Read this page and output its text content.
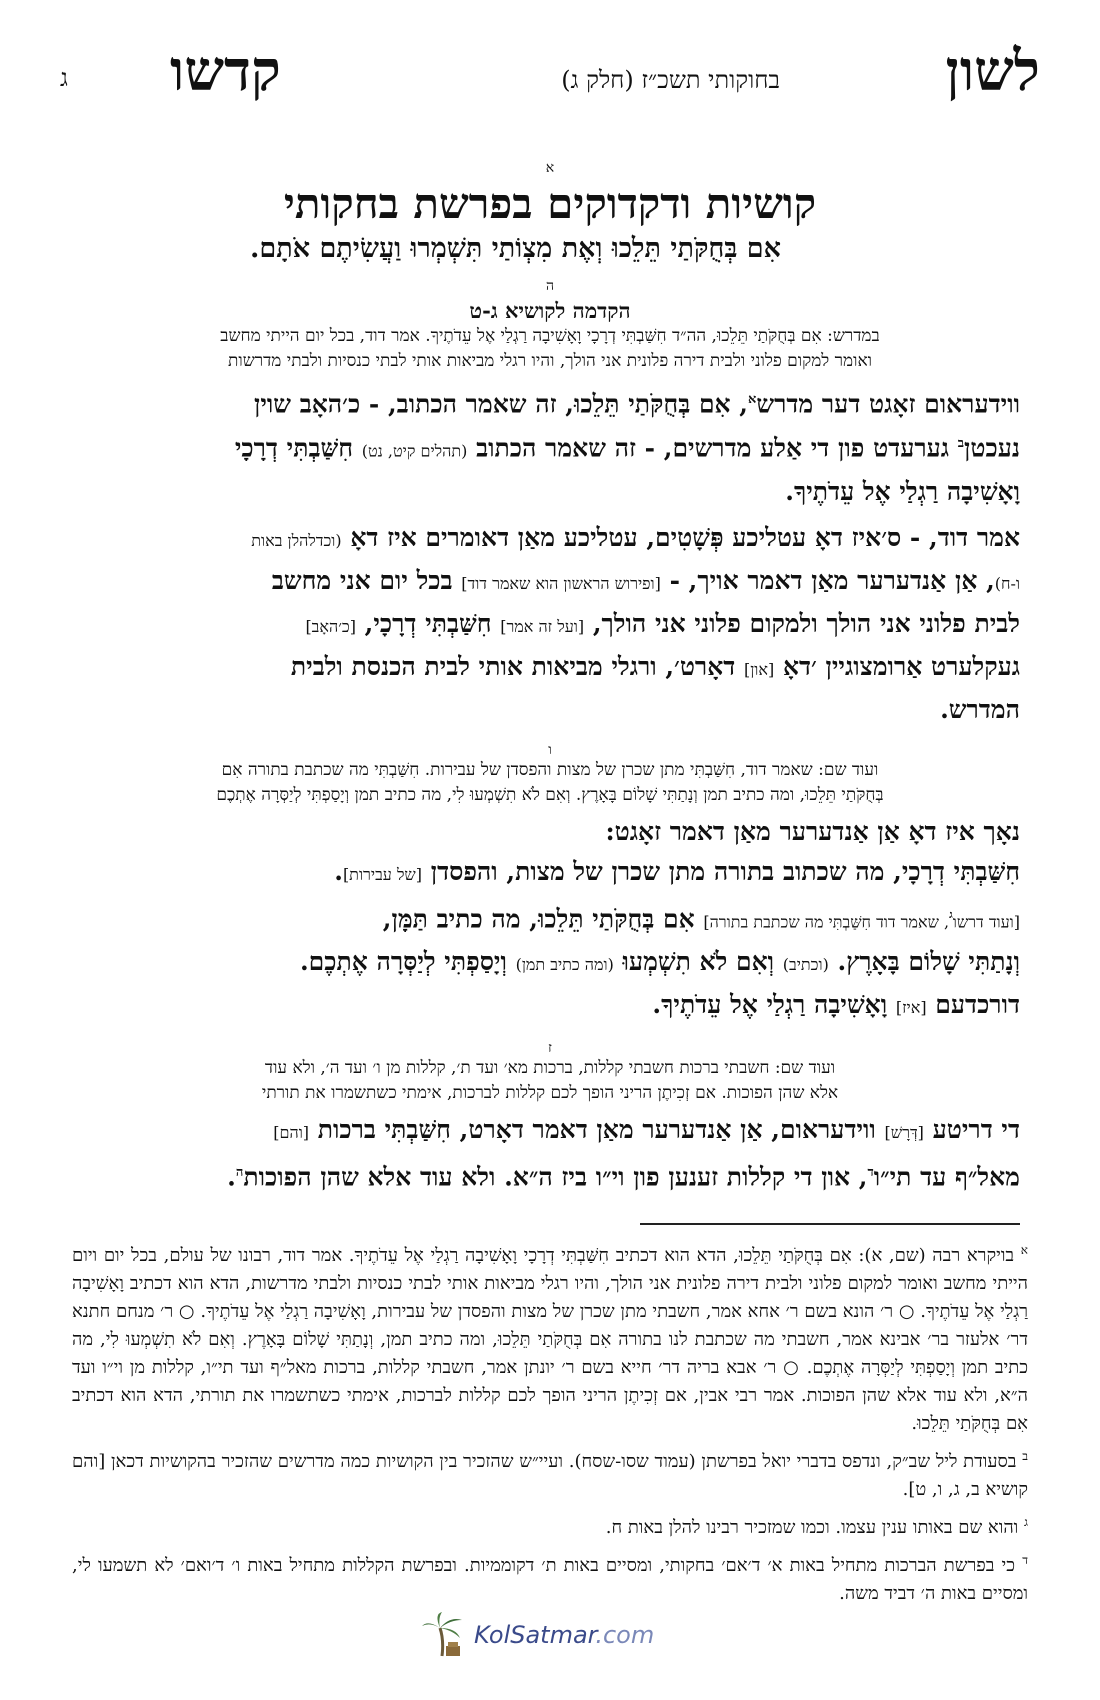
לשון
בחוקותי תשכ״ז (חלק ג)
קדשו
ג
א
קושיות ודקדוקים בפרשת בחקותי
אִם בְּחֻקֹּתַי תֵּלֵכוּ וְאֶת מִצְוֹתַי תִּשְׁמְרוּ וַעֲשִׂיתֶם אֹתָם.
ה
הקדמה לקושיא ג-ט
במדרש: אִם בְּחֻקֹּתַי תֵּלֵכוּ, הה״ד חִשַּׁבְתִּי דְרָכָי וָאָשִׁיבָה רַגְלַי אֶל עֵדֹתֶיךָ. אמר דוד, בכל יום הייתי מחשב
ואומר למקום פלוני ולבית דירה פלונית אני הולך, והיו רגלי מביאות אותי לבתי כנסיות ולבתי מדרשות

ווידעראום זאָגט דער מדרש$^א$, אִם בְּחֻקֹּתַי תֵּלֵכוּ, זה שאמר הכתוב, - כ׳האָב שוין

נעכטן$^ב$ גערעדט פון די אַלע מדרשים, - זה שאמר הכתוב (תהלים קיט, נט) חִשַּׁבְתִּי דְרָכָי

וָאָשִׁיבָה רַגְלַי אֶל עֵדֹתֶיךָ.

אמר דוד, - ס׳איז דאָ עטליכע פְּשָׁטִים, עטליכע מאַן דאומרים איז דאָ (וכדלהלן באות

ו-ח), אַן אַנדערער מאַן דאמר אויך, - [ופירוש הראשון הוא שאמר דוד] בכל יום אני מחשב

לבית פלוני אני הולך ולמקום פלוני אני הולך, [ועל זה אמר] חִשַּׁבְתִּי דְרָכָי, [כ׳האָב]

געקלערט אַרומצוגיין ׳דאָ [און] דאָרט׳, ורגלי מביאות אותי לבית הכנסת ולבית

המדרש.

ו
ועוד שם: שאמר דוד, חִשַּׁבְתִּי מתן שכרן של מצות והפסדן של עבירות. חִשַּׁבְתִּי מה שכתבת בתורה אִם
בְּחֻקֹּתַי תֵּלֵכוּ, ומה כתיב תמן וְנָתַתִּי שָׁלוֹם בָּאָרֶץ. וְאִם לֹא תִשְׁמְעוּ לִי, מה כתיב תמן וְיָסַפְתִּי לְיַסְּרָה אֶתְכֶם

נאָך איז דאָ אַן אַנדערער מאַן דאמר זאָגט:

חִשַּׁבְתִּי דְרָכָי, מה שכתוב בתורה מתן שכרן של מצות, והפסדן [של עבירות].

[ועוד דרשו$^ג$, שאמר דוד חִשַּׁבְתִּי מה שכתבת בתורה] אִם בְּחֻקֹּתַי תֵּלֵכוּ, מה כתיב תַּמָּן,

וְנָתַתִּי שָׁלוֹם בָּאָרֶץ. (וכתיב) וְאִם לֹא תִשְׁמְעוּ (ומה כתיב תמן) וְיָסַפְתִּי לְיַסְּרָה אֶתְכֶם.

דורכדעם [איז] וָאָשִׁיבָה רַגְלַי אֶל עֵדֹתֶיךָ.

ז
ועוד שם: חשבתי ברכות חשבתי קללות, ברכות מא׳ ועד ת׳, קללות מן ו׳ ועד ה׳, ולא עוד
אלא שהן הפוכות. אם זְכִיתֶן הריני הופך לכם קללות לברכות, אימתי כשתשמרו את תורתי

די דריטע [דְּרָשׁ] ווידעראום, אַן אַנדערער מאַן דאמר דאָרט, חִשַּׁבְתִּי ברכות [והם]

מאל״ף עד תי״ו$^ד$, און די קללות זענען פון וי״ו ביז ה״א. ולא עוד אלא שהן הפוכות$^ה$.

$^א$ בויקרא רבה (שם, א): אִם בְּחֻקֹּתַי תֵּלֵכוּ, הדא הוא דכתיב חִשַּׁבְתִּי דְרָכָי וָאָשִׁיבָה רַגְלַי אֶל עֵדֹתֶיךָ. אמר דוד, רבונו של עולם, בכל יום ויום הייתי מחשב ואומר למקום פלוני ולבית דירה פלונית אני הולך, והיו רגלי מביאות אותי לבתי כנסיות ולבתי מדרשות, הדא הוא דכתיב וָאָשִׁיבָה רַגְלַי אֶל עֵדֹתֶיךָ. ○ ר׳ הונא בשם ר׳ אחא אמר, חשבתי מתן שכרן של מצות והפסדן של עבירות, וָאָשִׁיבָה רַגְלַי אֶל עֵדֹתֶיךָ. ○ ר׳ מנחם חתנא דר׳ אלעזר בר׳ אבינא אמר, חשבתי מה שכתבת לנו בתורה אִם בְּחֻקֹּתַי תֵּלֵכוּ, ומה כתיב תמן, וְנָתַתִּי שָׁלוֹם בָּאָרֶץ. וְאִם לֹא תִשְׁמְעוּ לִי, מה כתיב תמן וְיָסַפְתִּי לְיַסְּרָה אֶתְכֶם. ○ ר׳ אבא בריה דר׳ חייא בשם ר׳ יונתן אמר, חשבתי קללות, ברכות מאל״ף ועד תי״ו, קללות מן וי״ו ועד ה״א, ולא עוד אלא שהן הפוכות. אמר רבי אבין, אם זְכִיתֶן הריני הופך לכם קללות לברכות, אימתי כשתשמרו את תורתי, הדא הוא דכתיב אִם בְּחֻקֹּתַי תֵּלֵכוּ.

$^ב$ בסעודת ליל שב״ק, ונדפס בדברי יואל בפרשתן (עמוד שסו-שסח). ועיי״ש שהזכיר בין הקושיות כמה מדרשים שהזכיר בהקושיות דכאן [והם קושיא ב, ג, ו, ט].

$^ג$ והוא שם באותו ענין עצמו. וכמו שמזכיר רבינו להלן באות ח.

$^ד$ כי בפרשת הברכות מתחיל באות א׳ ד׳אם׳ בחקותי, ומסיים באות ת׳ דקוממיות. ובפרשת הקללות מתחיל באות ו׳ ד׳ואם׳ לא תשמעו לי, ומסיים באות ה׳ דביד משה.

KolSatmar.com
